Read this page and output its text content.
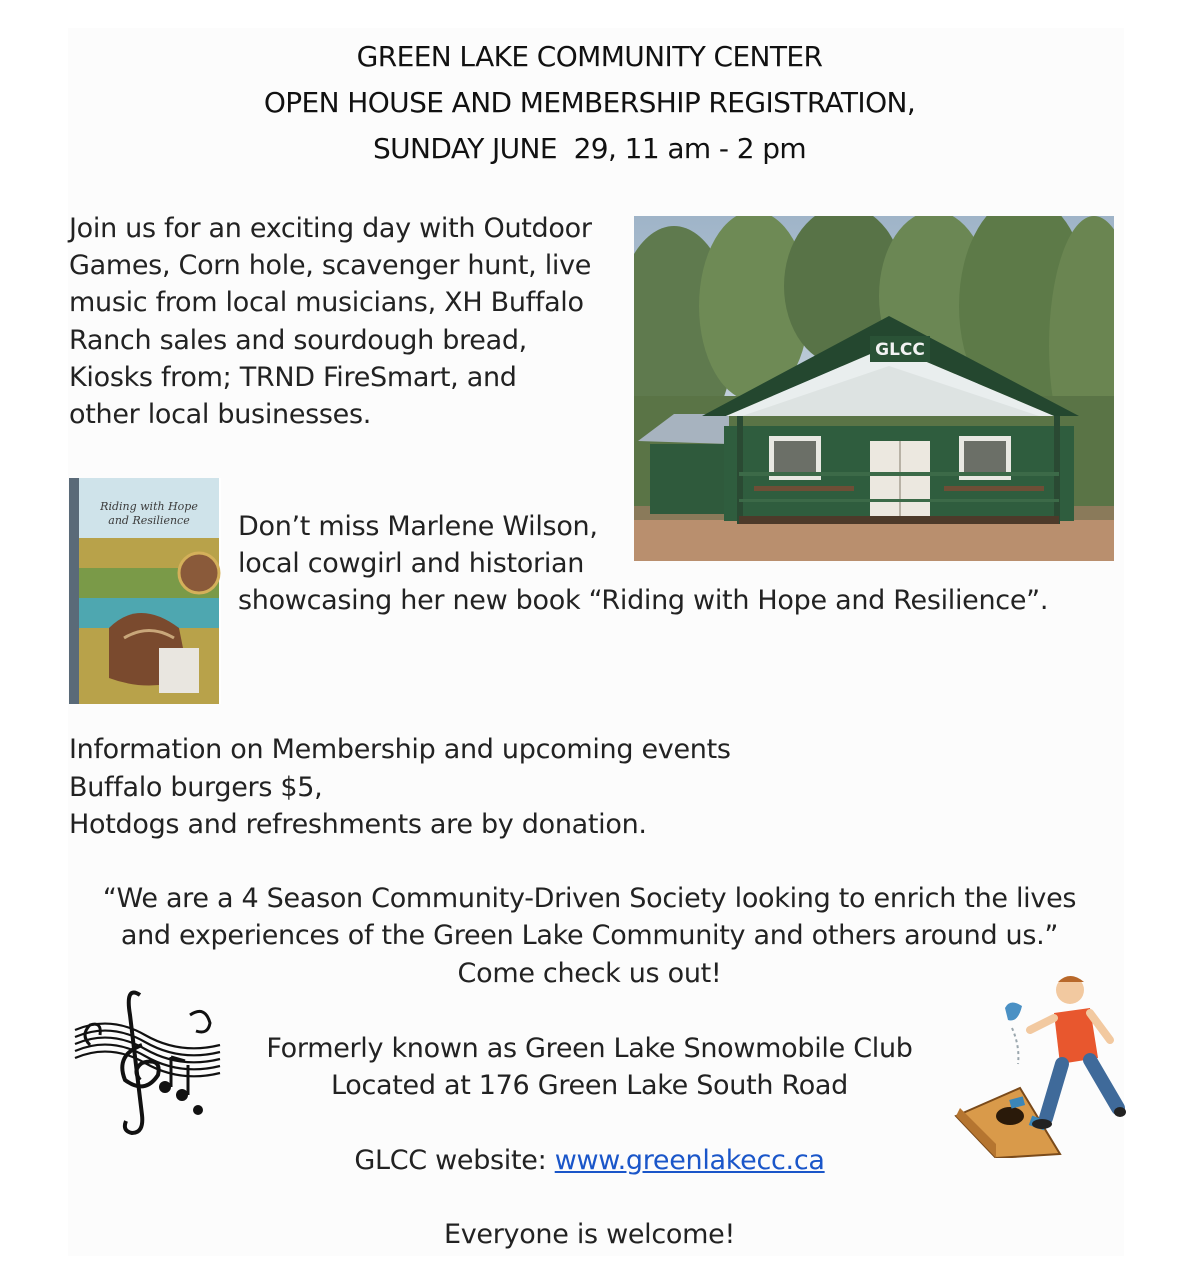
GREEN LAKE COMMUNITY CENTER
OPEN HOUSE AND MEMBERSHIP REGISTRATION,
SUNDAY JUNE  29, 11 am - 2 pm
Join us for an exciting day with Outdoor
Games, Corn hole, scavenger hunt, live
music from local musicians, XH Buffalo
Ranch sales and sourdough bread,
Kiosks from; TRND FireSmart, and
other local businesses.
GLCC
Riding with Hope
and Resilience Don’t miss Marlene Wilson,
local cowgirl and historian
showcasing her new book “Riding with Hope and Resilience”.
Information on Membership and upcoming events
Buffalo burgers $5,
Hotdogs and refreshments are by donation.
“We are a 4 Season Community-Driven Society looking to enrich the lives
and experiences of the Green Lake Community and others around us.”
Come check us out!
Formerly known as Green Lake Snowmobile Club
Located at 176 Green Lake South Road
GLCC website: www.greenlakecc.ca
Everyone is welcome!
